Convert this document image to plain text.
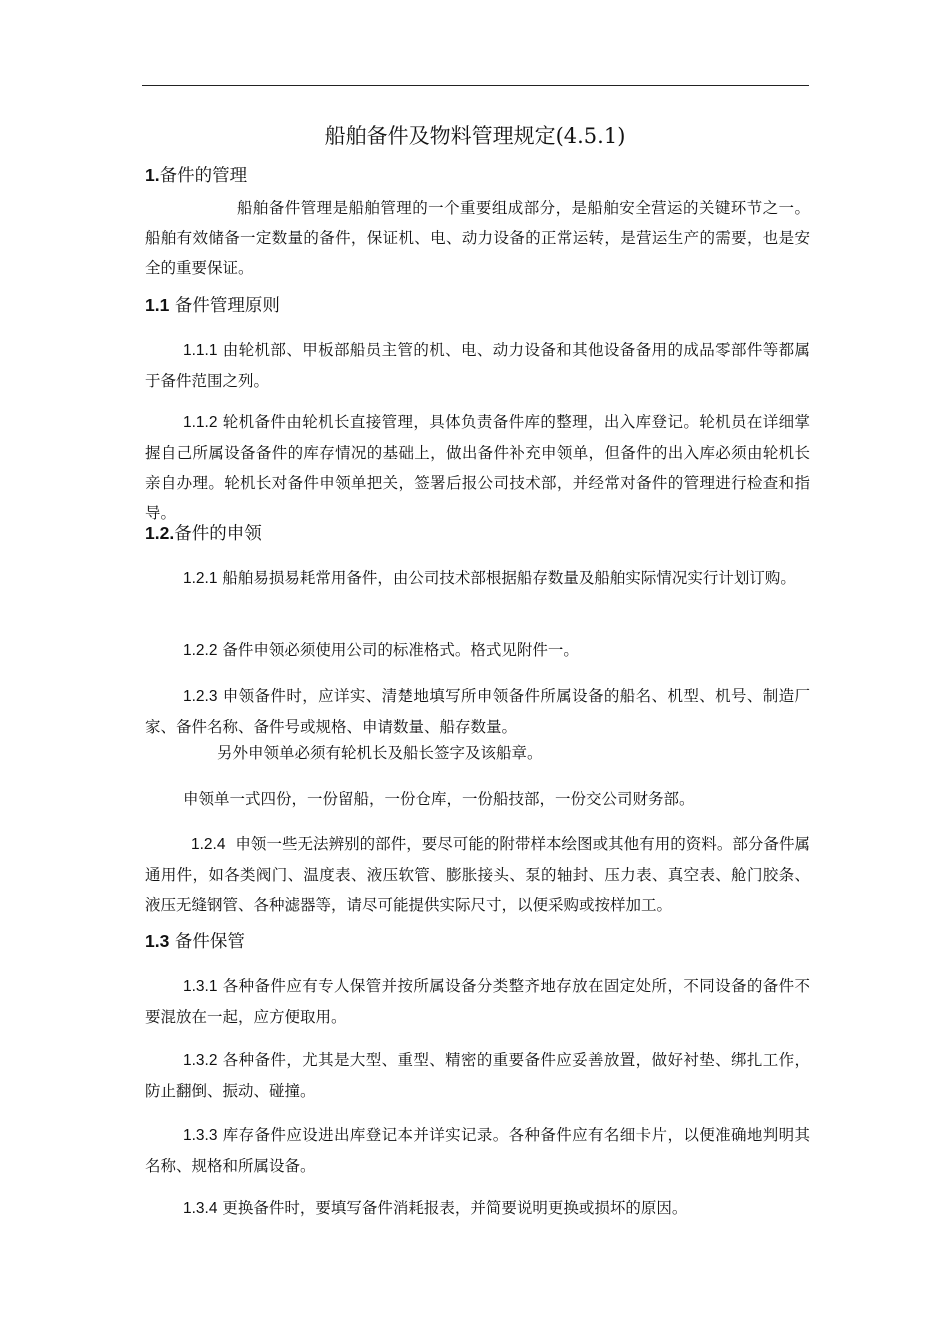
船舶备件及物料管理规定(4.5.1)
1.备件的管理

船舶备件管理是船舶管理的一个重要组成部分，是船舶安全营运的关键环节之一。船舶有效储备一定数量的备件，保证机、电、动力设备的正常运转，是营运生产的需要，也是安全的重要保证。

1.1 备件管理原则

1.1.1 由轮机部、甲板部船员主管的机、电、动力设备和其他设备备用的成品零部件等都属于备件范围之列。

1.1.2 轮机备件由轮机长直接管理，具体负责备件库的整理，出入库登记。轮机员在详细掌握自己所属设备备件的库存情况的基础上，做出备件补充申领单，但备件的出入库必须由轮机长亲自办理。轮机长对备件申领单把关，签署后报公司技术部，并经常对备件的管理进行检查和指导。

1.2.备件的申领

1.2.1 船舶易损易耗常用备件，由公司技术部根据船存数量及船舶实际情况实行计划订购。

1.2.2 备件申领必须使用公司的标准格式。格式见附件一。

1.2.3 申领备件时，应详实、清楚地填写所申领备件所属设备的船名、机型、机号、制造厂家、备件名称、备件号或规格、申请数量、船存数量。

另外申领单必须有轮机长及船长签字及该船章。

申领单一式四份，一份留船，一份仓库，一份船技部，一份交公司财务部。

1.2.4 申领一些无法辨别的部件，要尽可能的附带样本绘图或其他有用的资料。部分备件属通用件，如各类阀门、温度表、液压软管、膨胀接头、泵的轴封、压力表、真空表、舱门胶条、液压无缝钢管、各种滤器等，请尽可能提供实际尺寸，以便采购或按样加工。

1.3 备件保管

1.3.1 各种备件应有专人保管并按所属设备分类整齐地存放在固定处所，不同设备的备件不要混放在一起，应方便取用。

1.3.2 各种备件，尤其是大型、重型、精密的重要备件应妥善放置，做好衬垫、绑扎工作，防止翻倒、振动、碰撞。

1.3.3 库存备件应设进出库登记本并详实记录。各种备件应有名细卡片，以便准确地判明其名称、规格和所属设备。

1.3.4 更换备件时，要填写备件消耗报表，并简要说明更换或损坏的原因。
